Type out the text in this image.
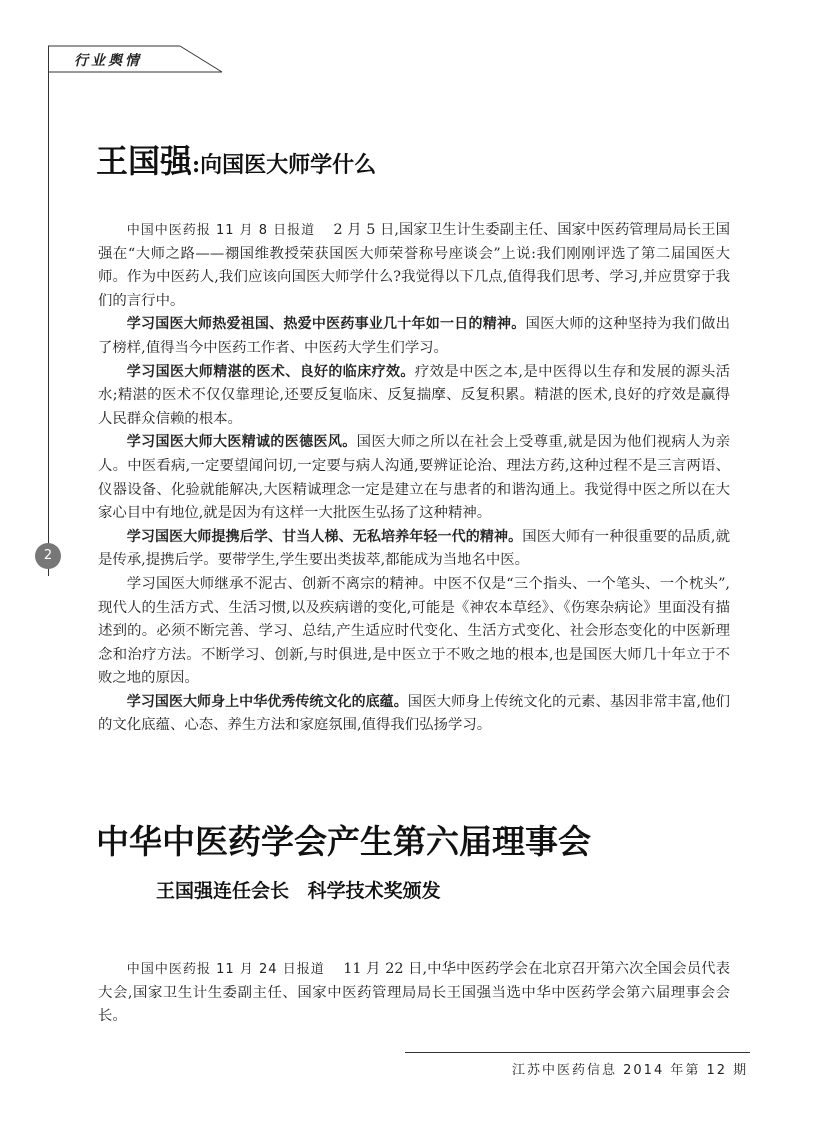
行业舆情
2
王国强:向国医大师学什么

中国中医药报 11 月 8 日报道 2 月 5 日,国家卫生计生委副主任、国家中医药管理局局长王国强在“大师之路——禤国维教授荣获国医大师荣誉称号座谈会”上说:我们刚刚评选了第二届国医大师。作为中医药人,我们应该向国医大师学什么?我觉得以下几点,值得我们思考、学习,并应贯穿于我们的言行中。

学习国医大师热爱祖国、热爱中医药事业几十年如一日的精神。国医大师的这种坚持为我们做出了榜样,值得当今中医药工作者、中医药大学生们学习。

学习国医大师精湛的医术、良好的临床疗效。疗效是中医之本,是中医得以生存和发展的源头活水;精湛的医术不仅仅靠理论,还要反复临床、反复揣摩、反复积累。精湛的医术,良好的疗效是赢得人民群众信赖的根本。

学习国医大师大医精诚的医德医风。国医大师之所以在社会上受尊重,就是因为他们视病人为亲人。中医看病,一定要望闻问切,一定要与病人沟通,要辨证论治、理法方药,这种过程不是三言两语、仪器设备、化验就能解决,大医精诚理念一定是建立在与患者的和谐沟通上。我觉得中医之所以在大家心目中有地位,就是因为有这样一大批医生弘扬了这种精神。

学习国医大师提携后学、甘当人梯、无私培养年轻一代的精神。国医大师有一种很重要的品质,就是传承,提携后学。要带学生,学生要出类拔萃,都能成为当地名中医。

学习国医大师继承不泥古、创新不离宗的精神。中医不仅是“三个指头、一个笔头、一个枕头”,现代人的生活方式、生活习惯,以及疾病谱的变化,可能是《神农本草经》、《伤寒杂病论》里面没有描述到的。必须不断完善、学习、总结,产生适应时代变化、生活方式变化、社会形态变化的中医新理念和治疗方法。不断学习、创新,与时俱进,是中医立于不败之地的根本,也是国医大师几十年立于不败之地的原因。

学习国医大师身上中华优秀传统文化的底蕴。国医大师身上传统文化的元素、基因非常丰富,他们的文化底蕴、心态、养生方法和家庭氛围,值得我们弘扬学习。

中华中医药学会产生第六届理事会
王国强连任会长 科学技术奖颁发

中国中医药报 11 月 24 日报道 11 月 22 日,中华中医药学会在北京召开第六次全国会员代表大会,国家卫生计生委副主任、国家中医药管理局局长王国强当选中华中医药学会第六届理事会会长。

江苏中医药信息 2014 年第 12 期
